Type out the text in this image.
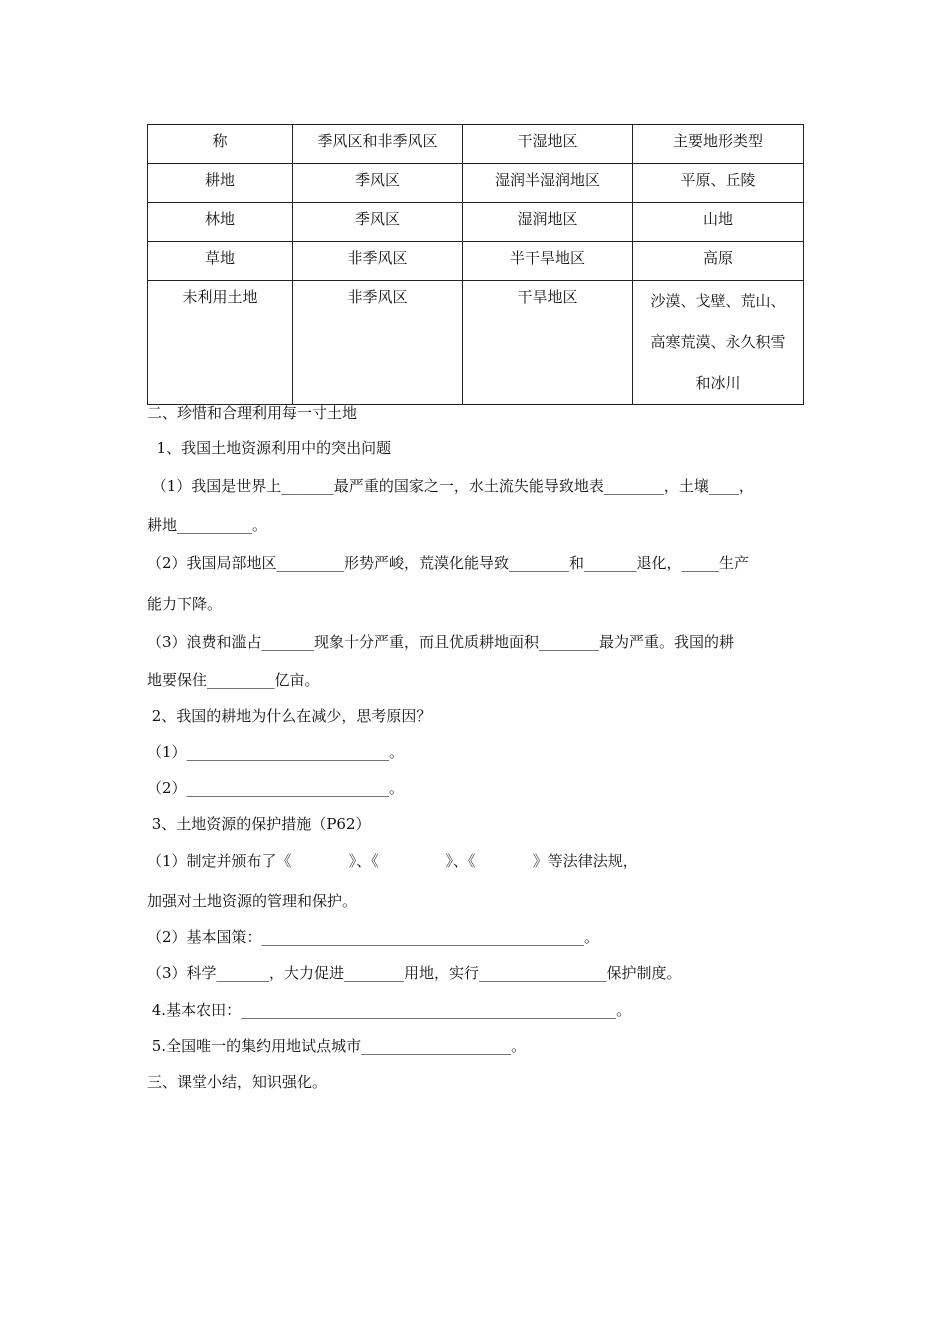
称	季风区和非季风区	干湿地区	主要地形类型
耕地	季风区	湿润半湿润地区	平原、丘陵
林地	季风区	湿润地区	山地
草地	非季风区	半干旱地区	高原
未利用土地	非季风区	干旱地区	沙漠、戈壁、荒山、
高寒荒漠、永久积雪
和冰川
二、珍惜和合理利用每一寸土地
1、我国土地资源利用中的突出问题
（1）我国是世界上_______最严重的国家之一，水土流失能导致地表________，土壤____，
耕地__________。
（2）我国局部地区_________形势严峻，荒漠化能导致________和_______退化，_____生产
能力下降。
（3）浪费和滥占_______现象十分严重，而且优质耕地面积________最为严重。我国的耕
地要保住_________亿亩。
2、我国的耕地为什么在减少，思考原因？
（1）___________________________。
（2）___________________________。
3、土地资源的保护措施（P62）
（1）制定并颁布了《            》、《              》、《            》等法律法规，
加强对土地资源的管理和保护。
（2）基本国策：___________________________________________。
（3）科学_______，大力促进________用地，实行_________________保护制度。
4.基本农田：__________________________________________________。
5.全国唯一的集约用地试点城市____________________。
三、课堂小结，知识强化。
